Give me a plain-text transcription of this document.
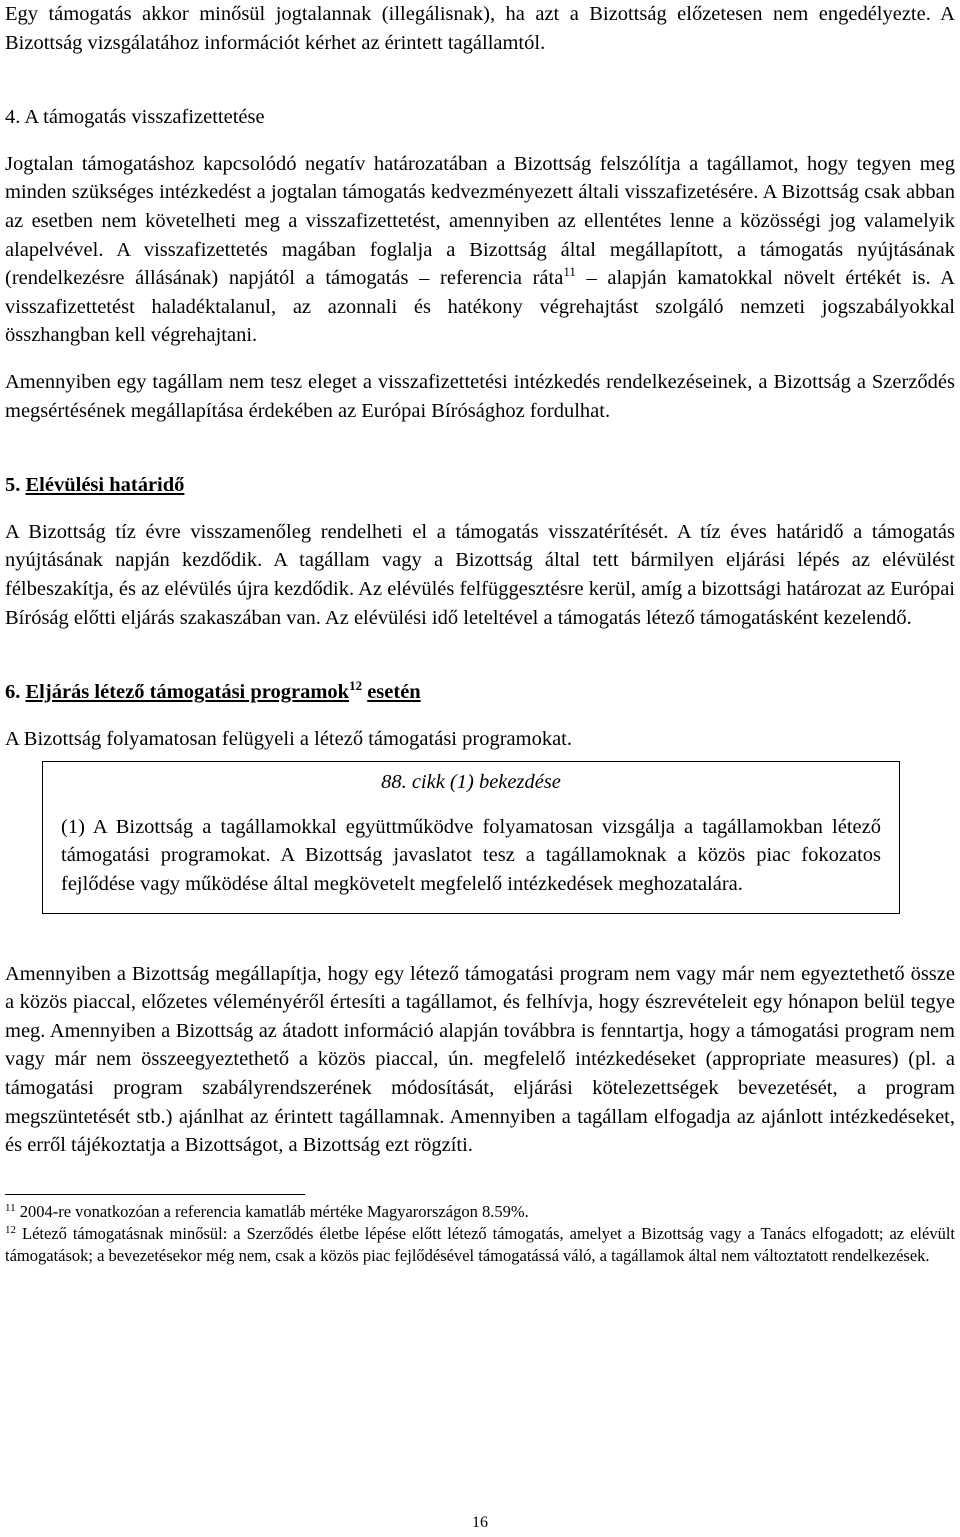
Egy támogatás akkor minősül jogtalannak (illegálisnak), ha azt a Bizottság előzetesen nem engedélyezte. A Bizottság vizsgálatához információt kérhet az érintett tagállamtól.

4. A támogatás visszafizettetése

Jogtalan támogatáshoz kapcsolódó negatív határozatában a Bizottság felszólítja a tagállamot, hogy tegyen meg minden szükséges intézkedést a jogtalan támogatás kedvezményezett általi visszafizetésére. A Bizottság csak abban az esetben nem követelheti meg a visszafizettetést, amennyiben az ellentétes lenne a közösségi jog valamelyik alapelvével. A visszafizettetés magában foglalja a Bizottság által megállapított, a támogatás nyújtásának (rendelkezésre állásának) napjától a támogatás – referencia ráta$^{11}$ – alapján kamatokkal növelt értékét is. A visszafizettetést haladéktalanul, az azonnali és hatékony végrehajtást szolgáló nemzeti jogszabályokkal összhangban kell végrehajtani.

Amennyiben egy tagállam nem tesz eleget a visszafizettetési intézkedés rendelkezéseinek, a Bizottság a Szerződés megsértésének megállapítása érdekében az Európai Bírósághoz fordulhat.

5. Elévülési határidő

A Bizottság tíz évre visszamenőleg rendelheti el a támogatás visszatérítését. A tíz éves határidő a támogatás nyújtásának napján kezdődik. A tagállam vagy a Bizottság által tett bármilyen eljárási lépés az elévülést félbeszakítja, és az elévülés újra kezdődik. Az elévülés felfüggesztésre kerül, amíg a bizottsági határozat az Európai Bíróság előtti eljárás szakaszában van. Az elévülési idő leteltével a támogatás létező támogatásként kezelendő.

6. Eljárás létező támogatási programok$^{12}$ esetén

A Bizottság folyamatosan felügyeli a létező támogatási programokat.

88. cikk (1) bekezdése

(1) A Bizottság a tagállamokkal együttműködve folyamatosan vizsgálja a tagállamokban létező támogatási programokat. A Bizottság javaslatot tesz a tagállamoknak a közös piac fokozatos fejlődése vagy működése által megkövetelt megfelelő intézkedések meghozatalára.

Amennyiben a Bizottság megállapítja, hogy egy létező támogatási program nem vagy már nem egyeztethető össze a közös piaccal, előzetes véleményéről értesíti a tagállamot, és felhívja, hogy észrevételeit egy hónapon belül tegye meg. Amennyiben a Bizottság az átadott információ alapján továbbra is fenntartja, hogy a támogatási program nem vagy már nem összeegyeztethető a közös piaccal, ún. megfelelő intézkedéseket (appropriate measures) (pl. a támogatási program szabályrendszerének módosítását, eljárási kötelezettségek bevezetését, a program megszüntetését stb.) ajánlhat az érintett tagállamnak. Amennyiben a tagállam elfogadja az ajánlott intézkedéseket, és erről tájékoztatja a Bizottságot, a Bizottság ezt rögzíti.

$^{11}$ 2004-re vonatkozóan a referencia kamatláb mértéke Magyarországon 8.59%.

$^{12}$ Létező támogatásnak minősül: a Szerződés életbe lépése előtt létező támogatás, amelyet a Bizottság vagy a Tanács elfogadott; az elévült támogatások; a bevezetésekor még nem, csak a közös piac fejlődésével támogatássá váló, a tagállamok által nem változtatott rendelkezések.

16
